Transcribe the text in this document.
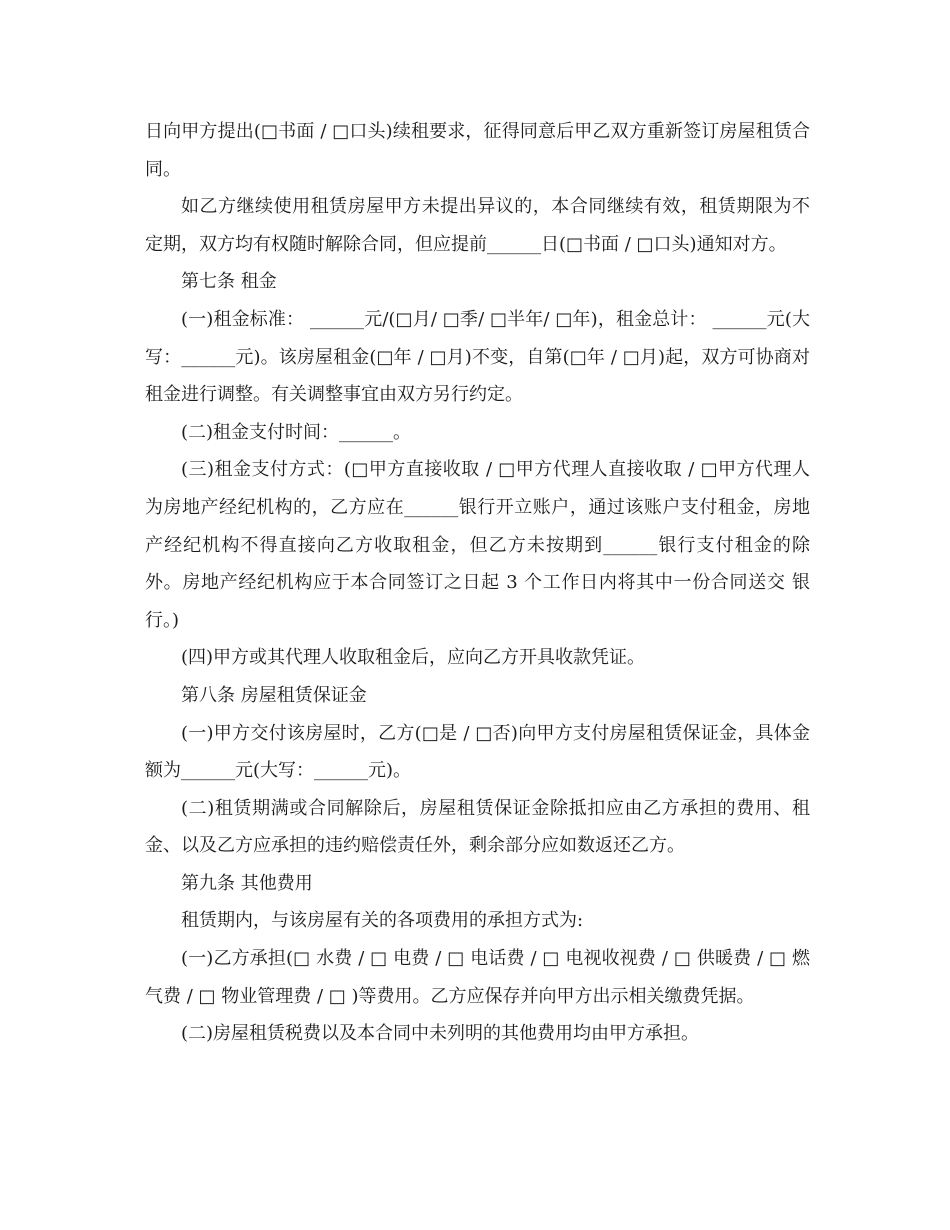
日向甲方提出(□书面 / □口头)续租要求，征得同意后甲乙双方重新签订房屋租赁合同。

如乙方继续使用租赁房屋甲方未提出异议的，本合同继续有效，租赁期限为不定期，双方均有权随时解除合同，但应提前______日(□书面 / □口头)通知对方。

第七条 租金

(一)租金标准： ______元/(□月/ □季/ □半年/ □年)，租金总计： ______元(大写：______元)。该房屋租金(□年 / □月)不变，自第(□年 / □月)起，双方可协商对租金进行调整。有关调整事宜由双方另行约定。

(二)租金支付时间：______。

(三)租金支付方式：(□甲方直接收取 / □甲方代理人直接收取 / □甲方代理人为房地产经纪机构的，乙方应在______银行开立账户，通过该账户支付租金，房地产经纪机构不得直接向乙方收取租金，但乙方未按期到______银行支付租金的除外。房地产经纪机构应于本合同签订之日起 3 个工作日内将其中一份合同送交 银行。)

(四)甲方或其代理人收取租金后，应向乙方开具收款凭证。

第八条 房屋租赁保证金

(一)甲方交付该房屋时，乙方(□是 / □否)向甲方支付房屋租赁保证金，具体金额为______元(大写：______元)。

(二)租赁期满或合同解除后，房屋租赁保证金除抵扣应由乙方承担的费用、租金、以及乙方应承担的违约赔偿责任外，剩余部分应如数返还乙方。

第九条 其他费用

租赁期内，与该房屋有关的各项费用的承担方式为:

(一)乙方承担(□ 水费 / □ 电费 / □ 电话费 / □ 电视收视费 / □ 供暖费 / □ 燃气费 / □ 物业管理费 / □ )等费用。乙方应保存并向甲方出示相关缴费凭据。

(二)房屋租赁税费以及本合同中未列明的其他费用均由甲方承担。
